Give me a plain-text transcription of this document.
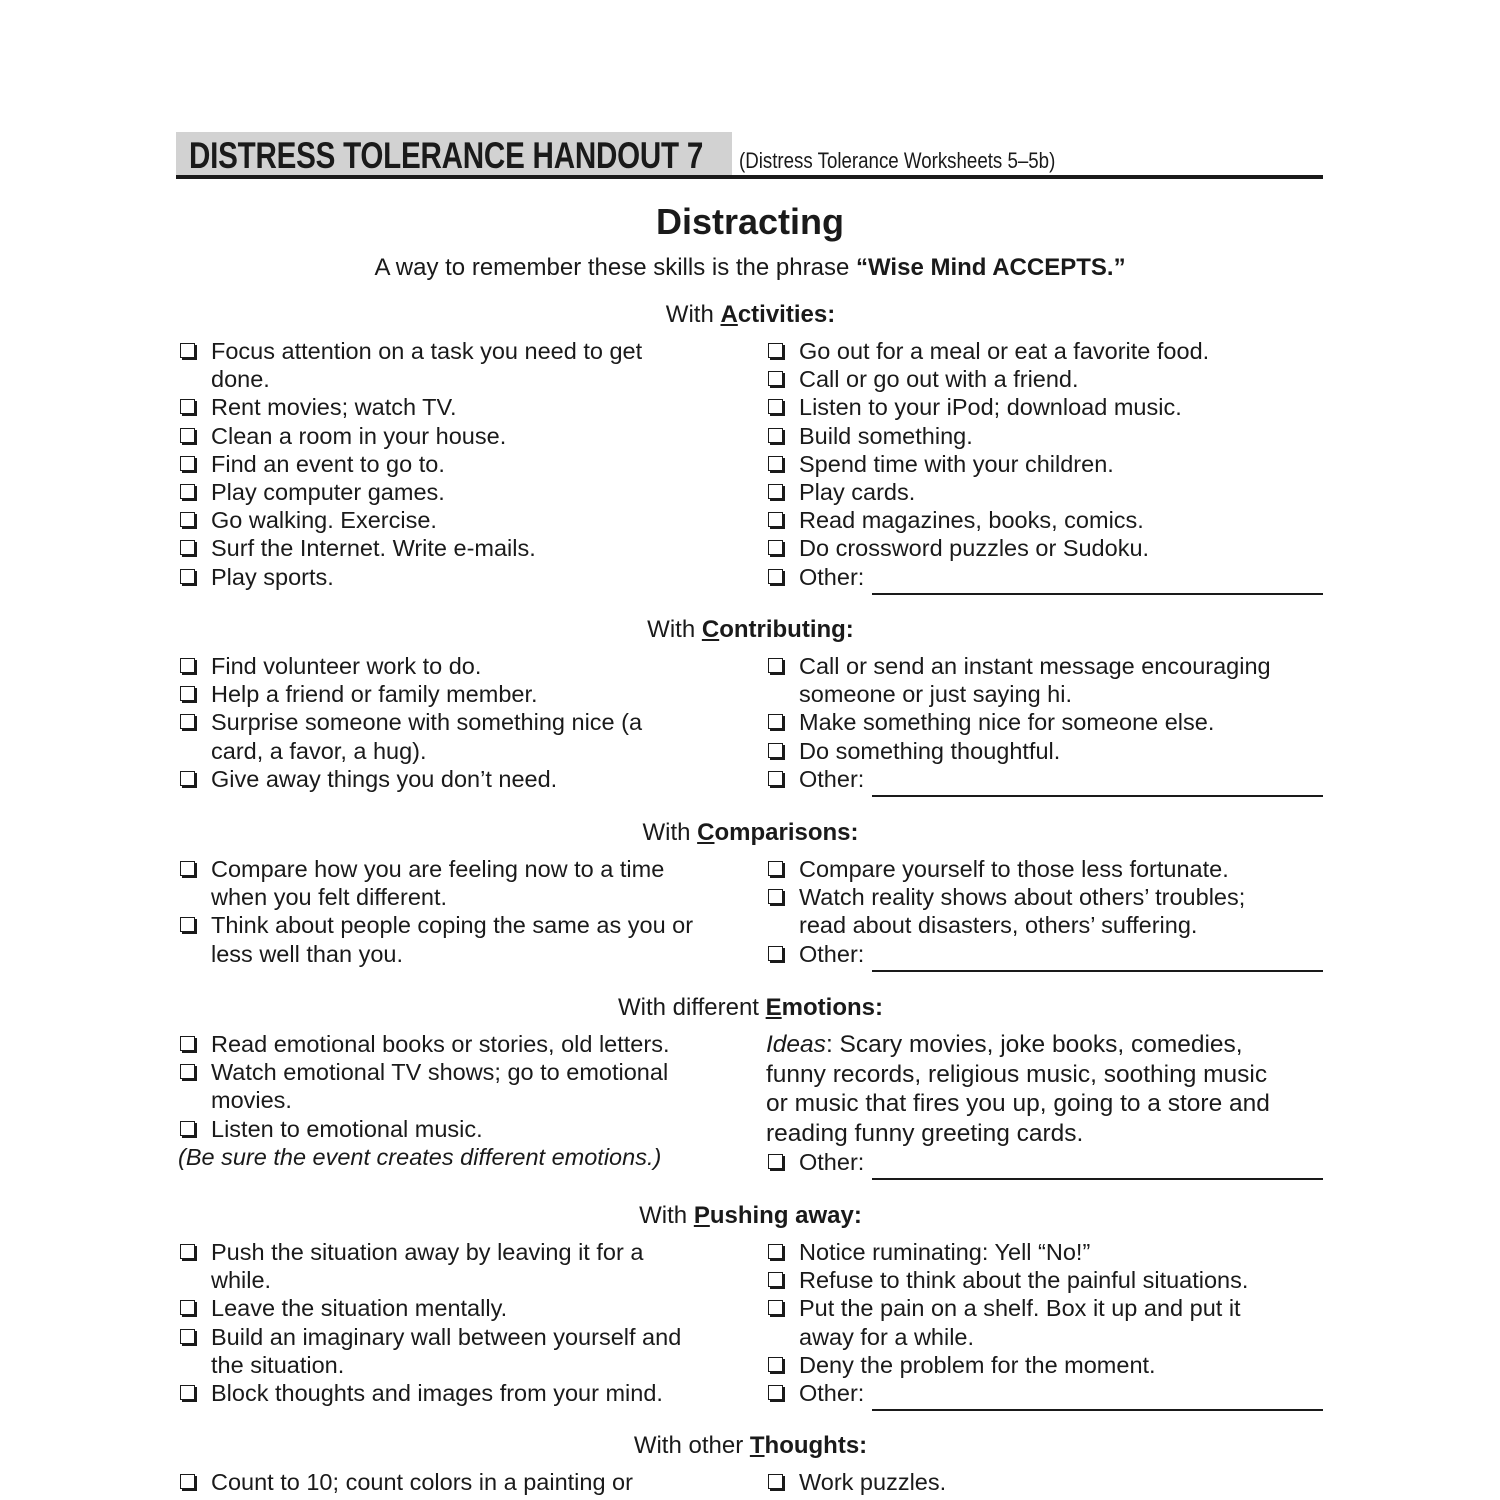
DISTRESS TOLERANCE HANDOUT 7 (Distress Tolerance Worksheets 5–5b)
Distracting
A way to remember these skills is the phrase “Wise Mind ACCEPTS.”
With Activities:
Focus attention on a task you need to get
done.
Rent movies; watch TV.
Clean a room in your house.
Find an event to go to.
Play computer games.
Go walking. Exercise.
Surf the Internet. Write e-mails.
Play sports.
Go out for a meal or eat a favorite food.
Call or go out with a friend.
Listen to your iPod; download music.
Build something.
Spend time with your children.
Play cards.
Read magazines, books, comics.
Do crossword puzzles or Sudoku.
Other:
With Contributing:
Find volunteer work to do.
Help a friend or family member.
Surprise someone with something nice (a
card, a favor, a hug).
Give away things you don’t need.
Call or send an instant message encouraging
someone or just saying hi.
Make something nice for someone else.
Do something thoughtful.
Other:
With Comparisons:
Compare how you are feeling now to a time
when you felt different.
Think about people coping the same as you or
less well than you.
Compare yourself to those less fortunate.
Watch reality shows about others’ troubles;
read about disasters, others’ suffering.
Other:
With different Emotions:
Read emotional books or stories, old letters.
Watch emotional TV shows; go to emotional
movies.
Listen to emotional music.
(Be sure the event creates different emotions.)
Ideas: Scary movies, joke books, comedies,
funny records, religious music, soothing music
or music that fires you up, going to a store and
reading funny greeting cards.
Other:
With Pushing away:
Push the situation away by leaving it for a
while.
Leave the situation mentally.
Build an imaginary wall between yourself and
the situation.
Block thoughts and images from your mind.
Notice ruminating: Yell “No!”
Refuse to think about the painful situations.
Put the pain on a shelf. Box it up and put it
away for a while.
Deny the problem for the moment.
Other:
With other Thoughts:
Count to 10; count colors in a painting or	Work puzzles.
